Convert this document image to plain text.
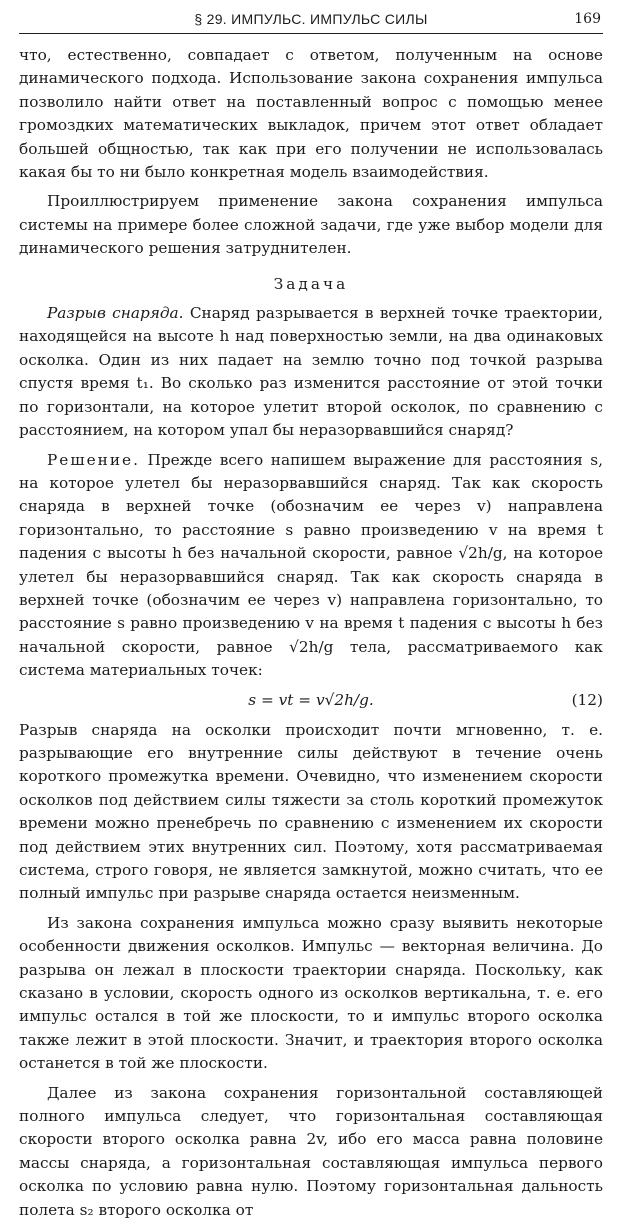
§ 29. ИМПУЛЬС. ИМПУЛЬС СИЛЫ	169

что, естественно, совпадает с ответом, полученным на основе динамического подхода. Использование закона сохранения импульса позволило найти ответ на поставленный вопрос с помощью менее громоздких математических выкладок, причем этот ответ обладает большей общностью, так как при его получении не использовалась какая бы то ни было конкретная модель взаимодействия.

Проиллюстрируем применение закона сохранения импульса системы на примере более сложной задачи, где уже выбор модели для динамического решения затруднителен.

Задача

Разрыв снаряда. Снаряд разрывается в верхней точке траектории, находящейся на высоте h над поверхностью земли, на два одинаковых осколка. Один из них падает на землю точно под точкой разрыва спустя время t₁. Во сколько раз изменится расстояние от этой точки по горизонтали, на которое улетит второй осколок, по сравнению с расстоянием, на котором упал бы неразорвавшийся снаряд?

Решение. Прежде всего напишем выражение для расстояния s, на которое улетел бы неразорвавшийся снаряд. Так как скорость снаряда в верхней точке (обозначим ее через v) направлена горизонтально, то расстояние s равно произведению v на время t падения с высоты h без начальной скорости, равное √2h/g, на которое улетел бы неразорвавшийся снаряд. Так как скорость снаряда в верхней точке (обозначим ее через v) направлена горизонтально, то расстояние s равно произведению v на время t падения с высоты h без начальной скорости, равное √2h/g тела, рассматриваемого как система материальных точек:

s = vt = v√2h/g.	(12)

Разрыв снаряда на осколки происходит почти мгновенно, т. е. разрывающие его внутренние силы действуют в течение очень короткого промежутка времени. Очевидно, что изменением скорости осколков под действием силы тяжести за столь короткий промежуток времени можно пренебречь по сравнению с изменением их скорости под действием этих внутренних сил. Поэтому, хотя рассматриваемая система, строго говоря, не является замкнутой, можно считать, что ее полный импульс при разрыве снаряда остается неизменным.

Из закона сохранения импульса можно сразу выявить некоторые особенности движения осколков. Импульс — векторная величина. До разрыва он лежал в плоскости траектории снаряда. Поскольку, как сказано в условии, скорость одного из осколков вертикальна, т. е. его импульс остался в той же плоскости, то и импульс второго осколка также лежит в этой плоскости. Значит, и траектория второго осколка останется в той же плоскости.

Далее из закона сохранения горизонтальной составляющей полного импульса следует, что горизонтальная составляющая скорости второго осколка равна 2v, ибо его масса равна половине массы снаряда, а горизонтальная составляющая импульса первого осколка по условию равна нулю. Поэтому горизонтальная дальность полета s₂ второго осколка от
